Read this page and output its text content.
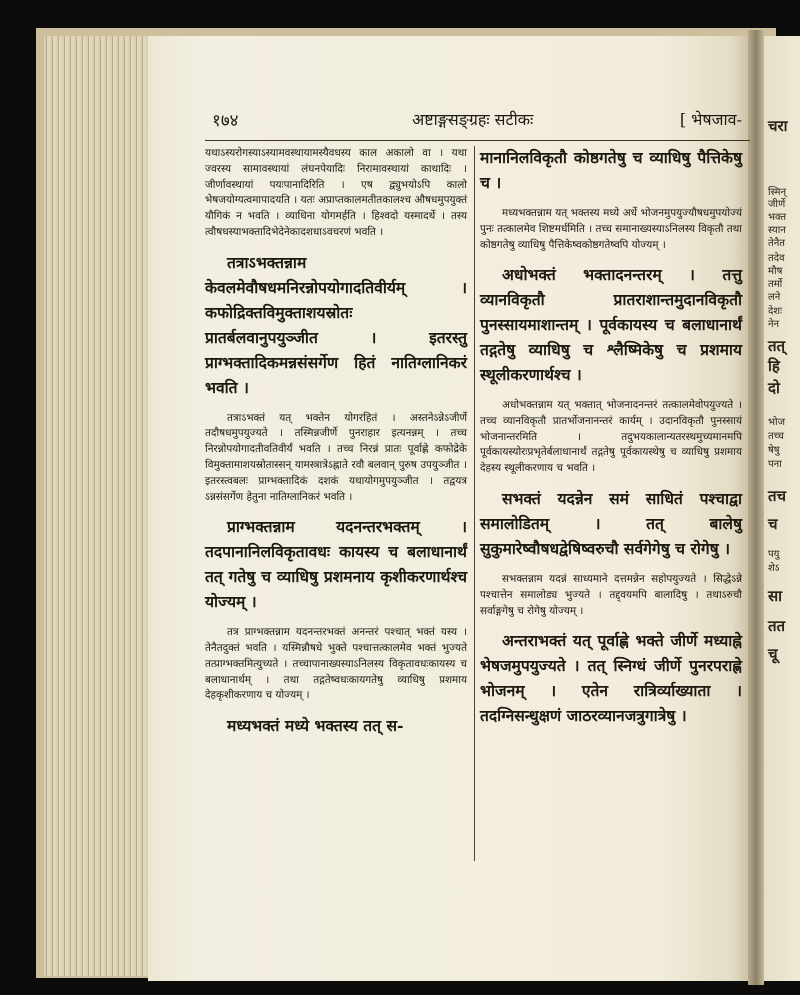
चरा
स्मिन्
जीर्णे
भक्त
स्यान
तेनैत
तदेव
मौष
तर्मो
लने
देशः
नेन
तत्
हि
दो
भोज
तच्च
षेषु
पना
तच
च
पयु
शेऽ
सा
तत
चू
१७४	अष्टाङ्गसङ्ग्रहः सटीकः	[ भेषजाव-

यथाऽस्यरोगस्याऽस्यामवस्थायामस्यैवधस्य काल अकालो वा । यथा ज्वरस्य सामावस्थायां लंघनपेयादिः निरामावस्थायां काथादिः । जीर्णावस्थायां पयःपानादिरिति । एष द्व्युभयोऽपि कालो भेषजयोग्यत्वमापादयति । यतः अप्राप्तकालमतीतकालश्च औषधमुपयुक्तं यौगिकं न भवति । व्याधिना योगमर्हति । हिश्वदो यस्मादर्थे । तस्य त्वौषधस्याभक्तादिभेदेनेकादशधाऽवचरणं भवति ।

तत्राऽभक्तन्नाम केवलमेवौषधमनिरन्नोपयोगादतिवीर्यम् । कफोद्रिक्तविमुक्ताशयस्रोतः प्रातर्बलवानुपयुञ्जीत । इतरस्तु प्राग्भक्तादिकमन्नसंसर्गेण हितं नातिग्लानिकरं भवति ।

तत्राऽभक्तं यत् भक्तेन योगरहितं । अस्तनेऽन्नेऽजीर्णे तदौषधमुपयुज्यते । तस्मिन्नजीर्णे पुनराहार इत्यनन्नम् । तच्च निरन्नोपयोगादतीवतिवीर्यं भवति । तच्च निरन्नं प्रातः पूर्वाह्णे कफोद्रेके विमुक्तामाशयस्रोतास्सन् यामस्त्रात्रेऽह्नाते रवौ बलवान् पुरुष उपयुञ्जीत । इतरस्त्वबलः प्राग्भक्तादिकं दशकं यथायोगमुपयुञ्जीत । तद्वयत्र ऽन्नसंसर्गेण हेतुना नातिग्लानिकरं भवति ।

प्राग्भक्तन्नाम यदनन्तरभक्तम् । तदपानानिलविकृतावधः कायस्य च बलाधानार्थं तत् गतेषु च व्याधिषु प्रशमनाय कृशीकरणार्थश्च योज्यम् ।

तत्र प्राग्भक्तन्नाम यदनन्तरभक्तं अनन्तरं पश्चात् भक्तं यस्य । तेनैतदुक्तं भवति । यस्मिन्नौषधे भुक्ते पश्चात्तत्कालमेव भक्तं भुज्यते तत्प्राग्भक्तमित्युच्यते । तच्चापानाख्यस्याऽनिलस्य विकृतावधःकायस्य च बलाधानार्थम् । तथा तद्गतेष्वधःकायगतेषु व्याधिषु प्रशमाय देहकृशीकरणाय च योज्यम् ।

मध्यभक्तं मध्ये भक्तस्य तत् स-

मानानिलविकृतौ कोष्ठगतेषु च व्याधिषु पैत्तिकेषु च ।

मध्यभक्तन्नाम यत् भक्तस्य मध्ये अर्धे भोजनमुपयुज्यौषधमुपयोज्यं पुनः तत्कालमेव शिष्टमर्धमिति । तच्च समानाख्यस्याऽनिलस्य विकृतौ तथा कोष्ठगतेषु व्याधिषु पैत्तिकेष्वकोष्ठगतेष्वपि योज्यम् ।

अधोभक्तं भक्तादनन्तरम् । तत्तु व्यानविकृतौ प्रातराशान्तमुदानविकृतौ पुनस्सायमाशान्तम् । पूर्वकायस्य च बलाधानार्थं तद्गतेषु व्याधिषु च श्लैष्मिकेषु च प्रशमाय स्थूलीकरणार्थश्च ।

अधोभक्तन्नाम यत् भक्तात् भोजनादनन्तरं तत्कालमेवोपयुज्यते । तच्च व्यानविकृतौ प्रातर्भोजनानन्तरं कार्यम् । उदानविकृतौ पुनस्सायं भोजनान्तरमिति । तदुभयकालान्यतरस्थमुच्यमानमपि पूर्वकायस्योरःप्रभृतेर्बलाधानार्थं तद्गतेषु पूर्वकायस्थेषु च व्याधिषु प्रशमाय देहस्य स्थूलीकरणाय च भवति ।

सभक्तं यदन्नेन समं साधितं पश्चाद्वा समालोडितम् । तत् बालेषु सुकुमारेष्वौषधद्वेषिष्वरुचौ सर्वगेगेषु च रोगेषु ।

सभक्तन्नाम यदन्नं साध्यमाने दत्तमन्नेन सहोपयुज्यते । सिद्धेऽन्ने पश्चात्तेन समालोड्य भुज्यते । तद्द्वयमपि बालादिषु । तथाऽरुचौ सर्वाङ्गगेषु च रोगेषु योज्यम् ।

अन्तराभक्तं यत् पूर्वाह्णे भक्ते जीर्णे मध्याह्ने भेषजमुपयुज्यते । तत् स्निग्धं जीर्णे पुनरपराह्णे भोजनम् । एतेन रात्रिर्व्याख्याता । तदग्निसन्धुक्षणं जाठरव्यानजत्रुगात्रेषु ।
